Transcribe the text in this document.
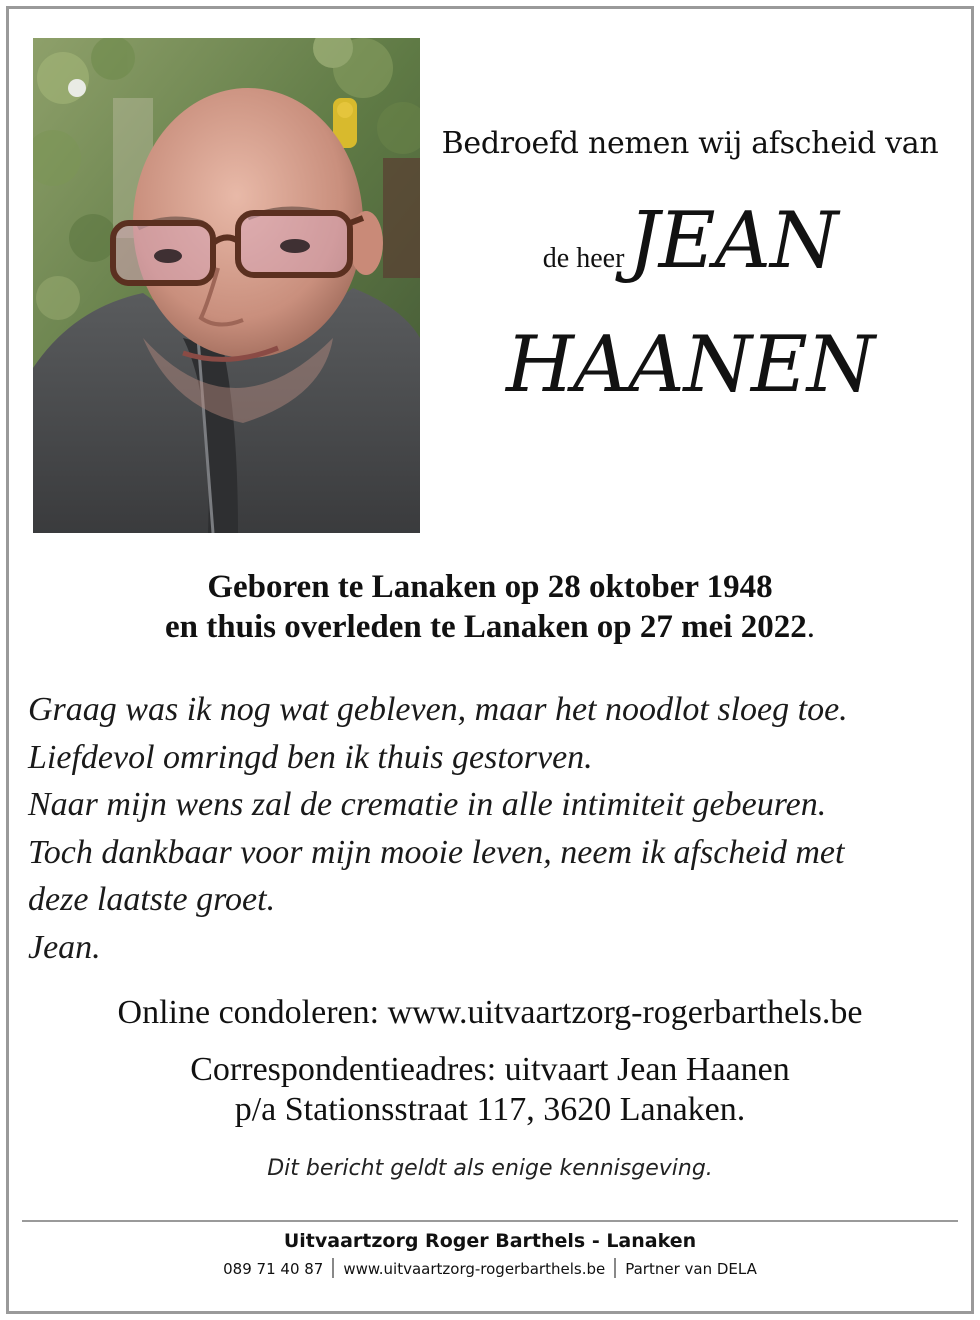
Bedroefd nemen wij afscheid van
de heer JEAN
HAANEN
Geboren te Lanaken op 28 oktober 1948
en thuis overleden te Lanaken op 27 mei 2022.
Graag was ik nog wat gebleven, maar het noodlot sloeg toe.
Liefdevol omringd ben ik thuis gestorven.
Naar mijn wens zal de crematie in alle intimiteit gebeuren.
Toch dankbaar voor mijn mooie leven, neem ik afscheid met
deze laatste groet.
Jean.
Online condoleren: www.uitvaartzorg-rogerbarthels.be
Correspondentieadres: uitvaart Jean Haanen
p/a Stationsstraat 117, 3620 Lanaken.
Dit bericht geldt als enige kennisgeving.
Uitvaartzorg Roger Barthels - Lanaken
089 71 40 87 www.uitvaartzorg-rogerbarthels.be Partner van DELA
